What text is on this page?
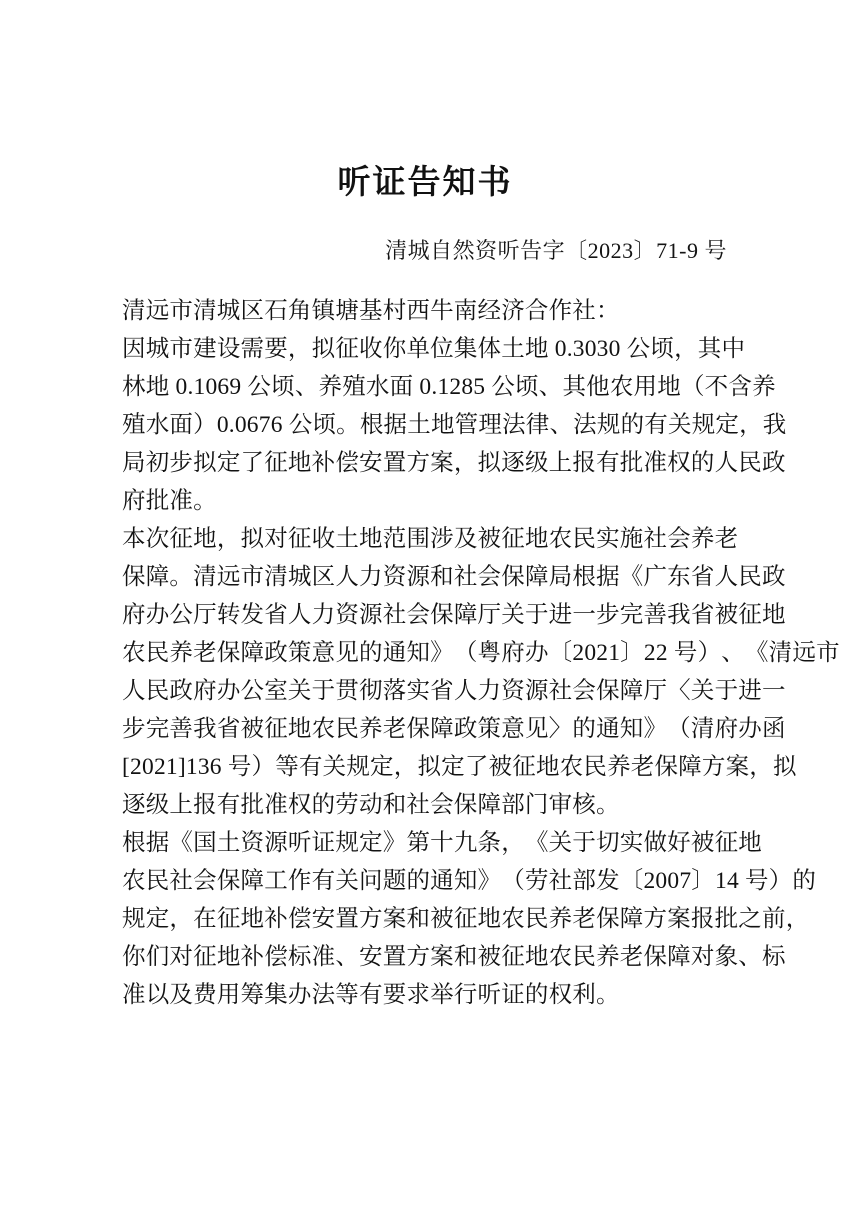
听证告知书
清城自然资听告字〔2023〕71-9 号
清远市清城区石角镇塘基村西牛南经济合作社：
因 城 市 建 设 需 要 ， 拟 征 收 你 单 位 集 体 土 地
0 . 3 0 3 0
公 顷 ， 其 中
林 地
0 . 1 0 6 9
公 顷 、 养 殖 水 面
0 . 1 2 8 5
公 顷 、 其 他 农 用 地 （ 不 含 养
殖 水 面 ） 0 . 0 6 7 6
公 顷 。 根 据 土 地 管 理 法 律 、 法 规 的 有 关 规 定 ， 我
局 初 步 拟 定 了 征 地 补 偿 安 置 方 案 ， 拟 逐 级 上 报 有 批 准 权 的 人 民 政
府批准。
本 次 征 地 ， 拟 对 征 收 土 地 范 围 涉 及 被 征 地 农 民 实 施 社 会 养 老
保 障 。 清 远 市 清 城 区 人 力 资 源 和 社 会 保 障 局 根 据 《 广 东 省 人 民 政
府 办 公 厅 转 发 省 人 力 资 源 社 会 保 障 厅 关 于 进 一 步 完 善 我 省 被 征 地
农 民 养 老 保 障 政 策 意 见 的 通 知 》 （ 粤 府 办 〔 2 0 2 1 〕 2 2
号 ） 、 《 清 远 市
人 民 政 府 办 公 室 关 于 贯 彻 落 实 省 人 力 资 源 社 会 保 障 厅 〈 关 于 进 一
步 完 善 我 省 被 征 地 农 民 养 老 保 障 政 策 意 见 〉 的 通 知 》 （ 清 府 办 函
[ 2 0 2 1 ] 1 3 6
号 ） 等 有 关 规 定 ， 拟 定 了 被 征 地 农 民 养 老 保 障 方 案 ， 拟
逐级上报有批准权的劳动和社会保障部门审核。
根 据 《 国 土 资 源 听 证 规 定 》 第 十 九 条 ， 《 关 于 切 实 做 好 被 征 地
农 民 社 会 保 障 工 作 有 关 问 题 的 通 知 》 （ 劳 社 部 发 〔 2 0 0 7 〕 1 4
号 ） 的
规 定 ， 在 征 地 补 偿 安 置 方 案 和 被 征 地 农 民 养 老 保 障 方 案 报 批 之 前 ，
你 们 对 征 地 补 偿 标 准 、 安 置 方 案 和 被 征 地 农 民 养 老 保 障 对 象 、 标
准以及费用筹集办法等有要求举行听证的权利。
